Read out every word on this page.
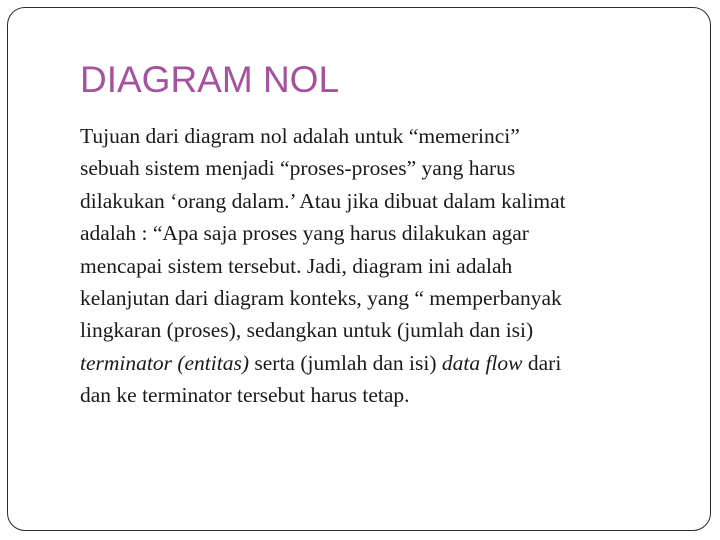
DIAGRAM NOL

Tujuan dari diagram nol adalah untuk “memerinci”
sebuah sistem menjadi “proses-proses” yang harus
dilakukan ‘orang dalam.’ Atau jika dibuat dalam kalimat
adalah : “Apa saja proses yang harus dilakukan agar
mencapai sistem tersebut. Jadi, diagram ini adalah
kelanjutan dari diagram konteks, yang “ memperbanyak
lingkaran (proses), sedangkan untuk (jumlah dan isi)
terminator (entitas) serta (jumlah dan isi) data flow dari
dan ke terminator tersebut harus tetap.
